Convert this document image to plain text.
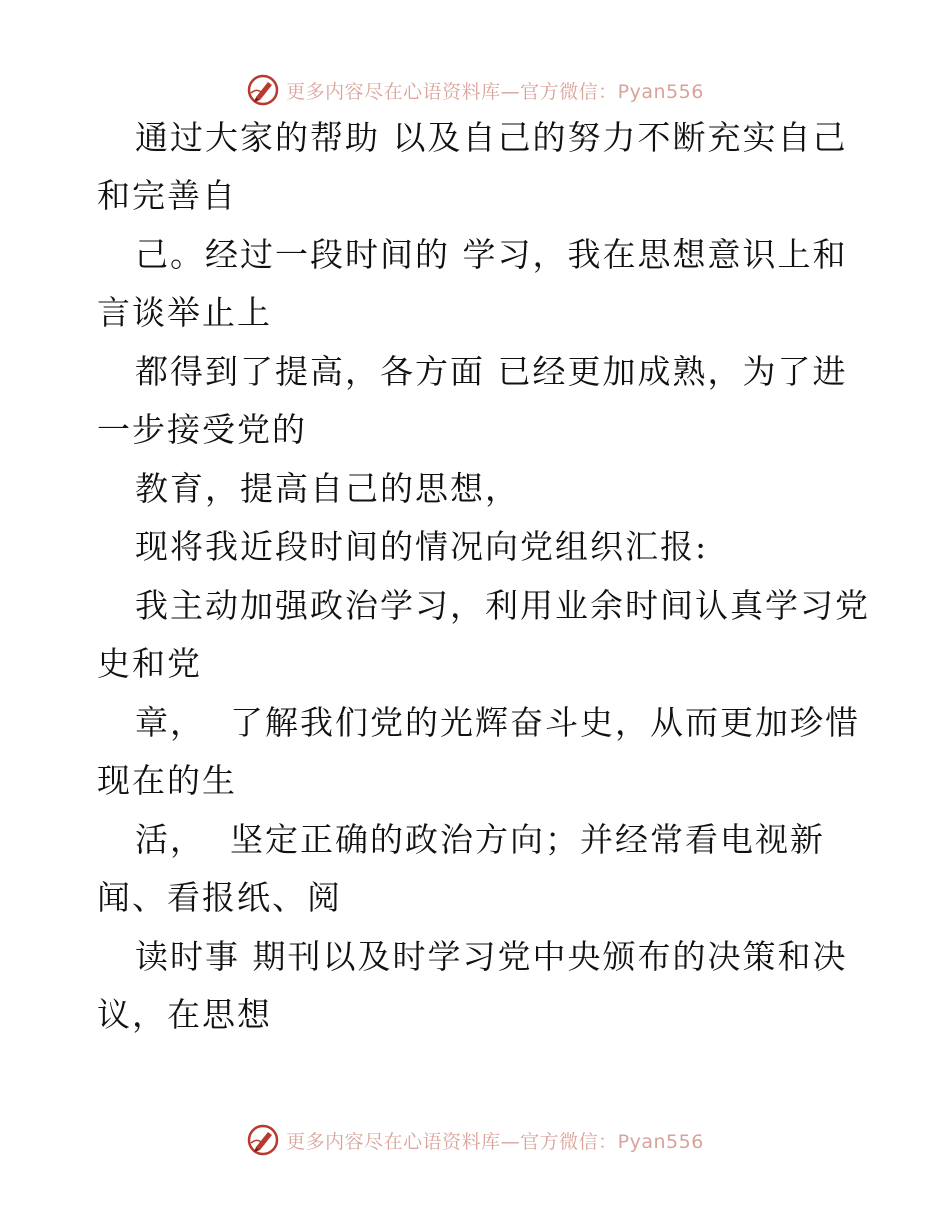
更多内容尽在心语资料库—官方微信：Pyan556
通过大家的帮助 以及自己的努力不断充实自己
和完善自
己。经过一段时间的 学习，我在思想意识上和
言谈举止上
都得到了提高，各方面 已经更加成熟，为了进
一步接受党的
教育，提高自己的思想，
现将我近段时间的情况向党组织汇报:
我主动加强政治学习，利用业余时间认真学习党
史和党
章，  了解我们党的光辉奋斗史，从而更加珍惜
现在的生
活，  坚定正确的政治方向；并经常看电视新
闻、看报纸、阅
读时事 期刊以及时学习党中央颁布的决策和决
议，在思想
更多内容尽在心语资料库—官方微信：Pyan556
